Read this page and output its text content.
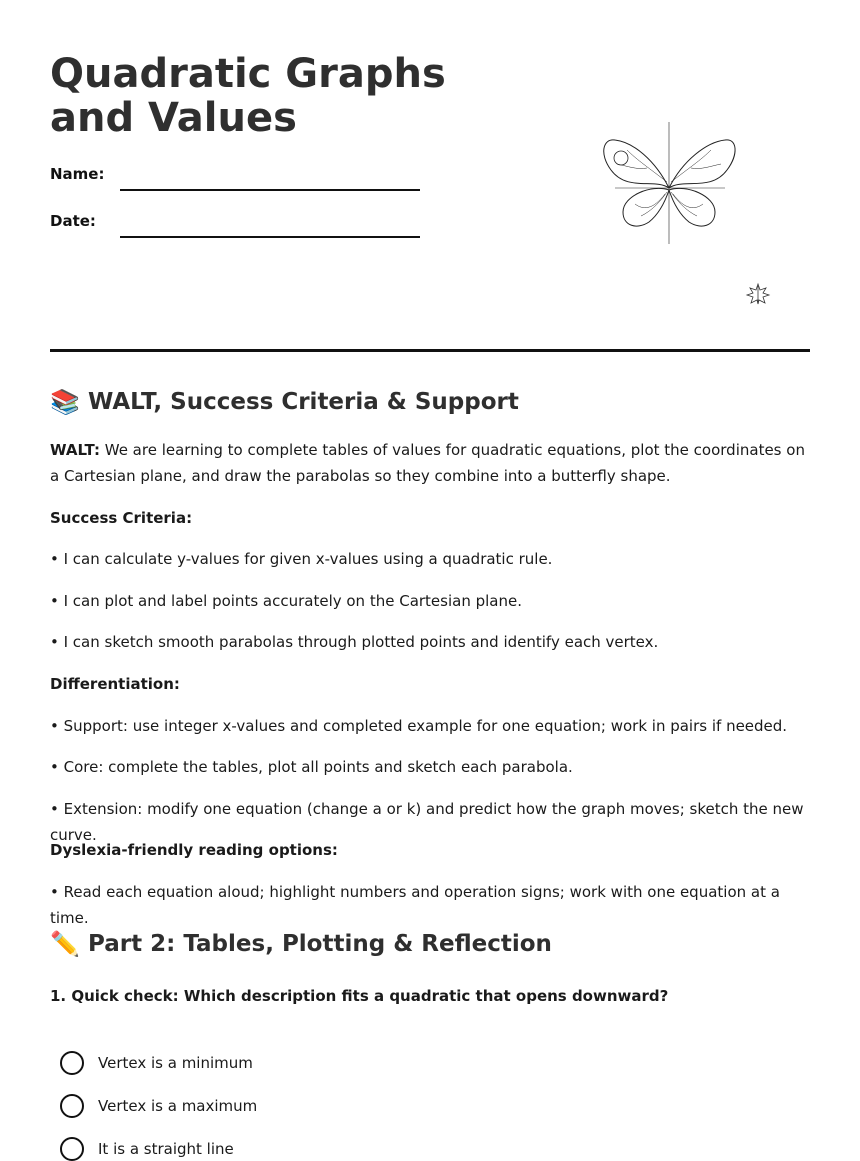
Quadratic Graphs and Values
Name:
Date:
📚 WALT, Success Criteria & Support

WALT: We are learning to complete tables of values for quadratic equations, plot the coordinates on a Cartesian plane, and draw the parabolas so they combine into a butterfly shape.

Success Criteria:

• I can calculate y-values for given x-values using a quadratic rule.

• I can plot and label points accurately on the Cartesian plane.

• I can sketch smooth parabolas through plotted points and identify each vertex.

Differentiation:

• Support: use integer x-values and completed example for one equation; work in pairs if needed.

• Core: complete the tables, plot all points and sketch each parabola.

• Extension: modify one equation (change a or k) and predict how the graph moves; sketch the new curve.

Dyslexia-friendly reading options:

• Read each equation aloud; highlight numbers and operation signs; work with one equation at a time.

✏️ Part 2: Tables, Plotting & Reflection

1. Quick check: Which description fits a quadratic that opens downward?

Vertex is a minimum
Vertex is a maximum
It is a straight line
